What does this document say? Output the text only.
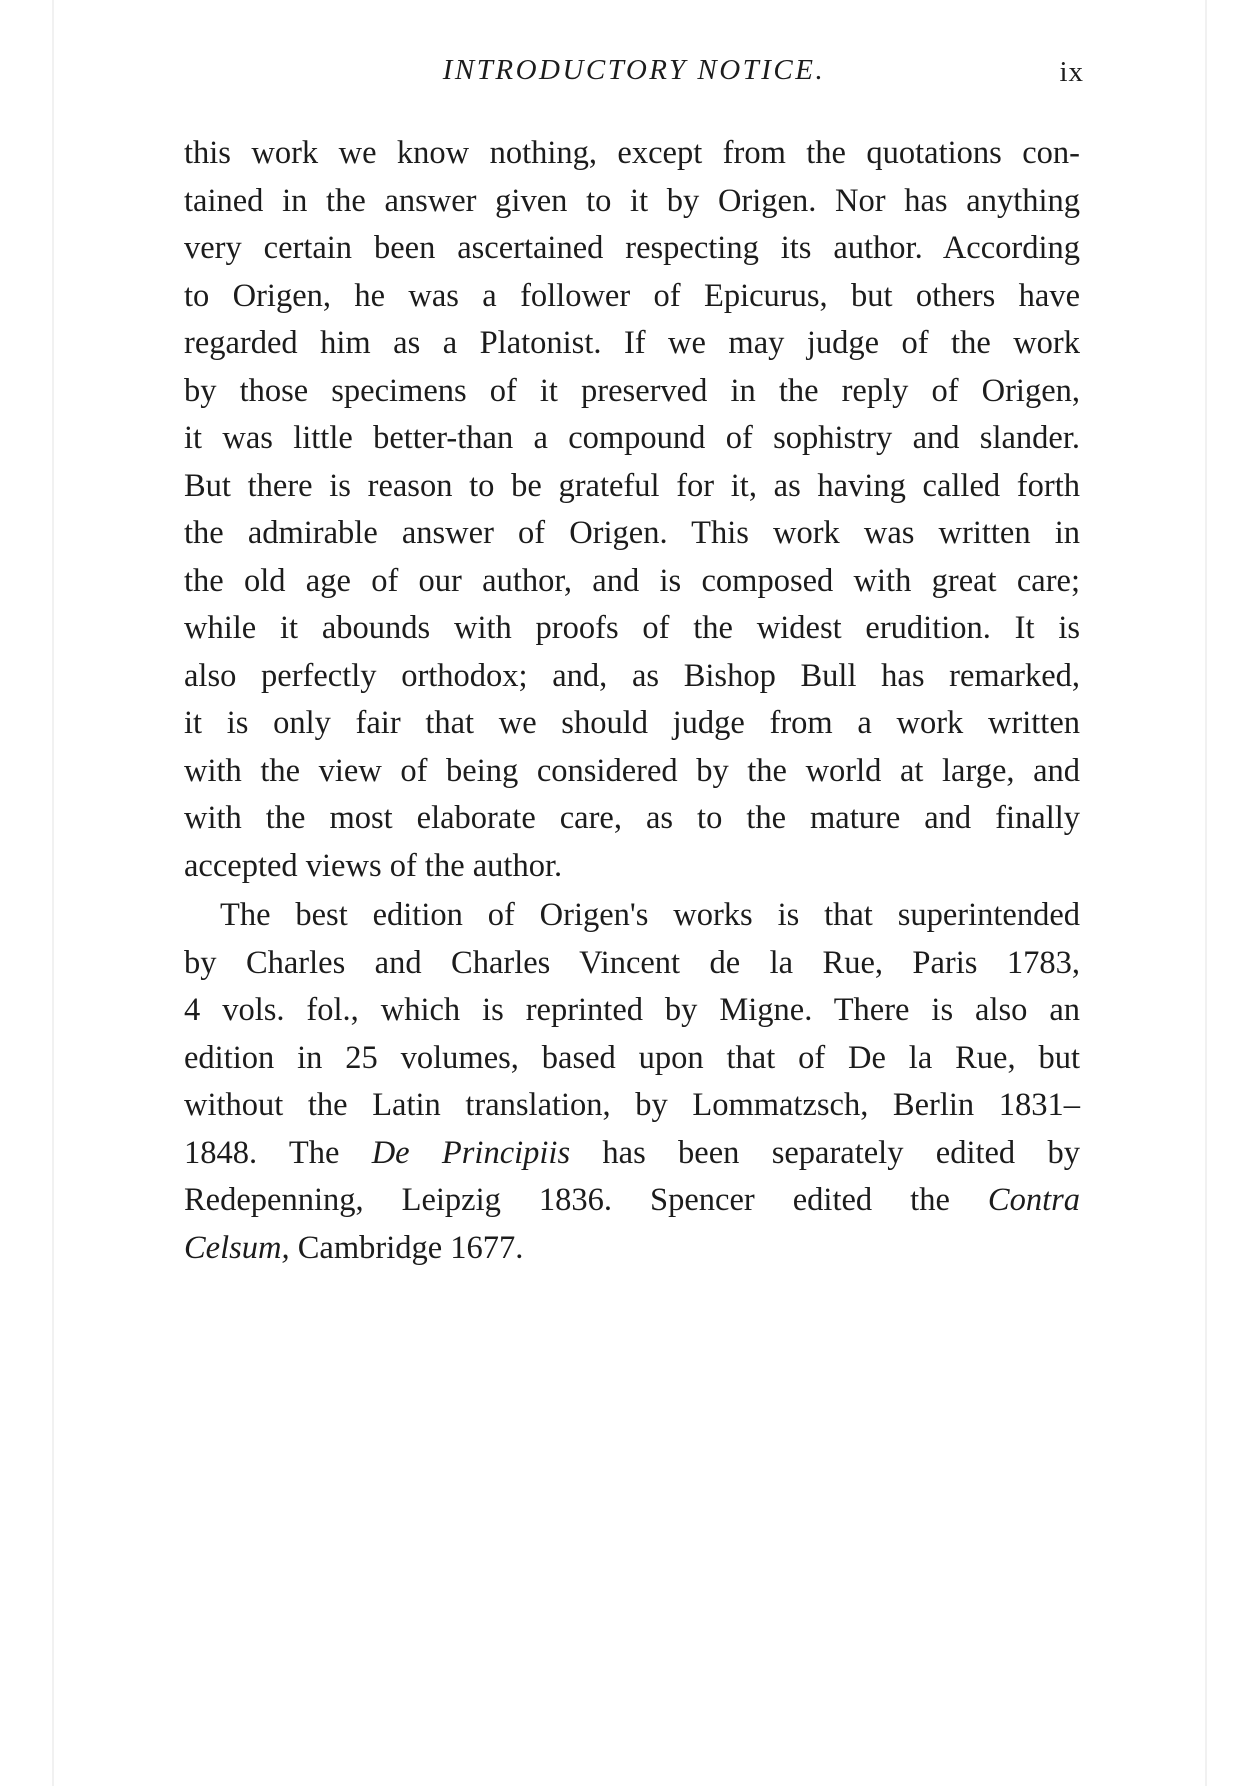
INTRODUCTORY NOTICE.	ix
this work we know nothing, except from the quotations con-
tained in the answer given to it by Origen. Nor has anything
very certain been ascertained respecting its author. According
to Origen, he was a follower of Epicurus, but others have
regarded him as a Platonist. If we may judge of the work
by those specimens of it preserved in the reply of Origen,
it was little better-than a compound of sophistry and slander.
But there is reason to be grateful for it, as having called forth
the admirable answer of Origen. This work was written in
the old age of our author, and is composed with great care;
while it abounds with proofs of the widest erudition. It is
also perfectly orthodox; and, as Bishop Bull has remarked,
it is only fair that we should judge from a work written
with the view of being considered by the world at large, and
with the most elaborate care, as to the mature and finally
accepted views of the author.
The best edition of Origen's works is that superintended
by Charles and Charles Vincent de la Rue, Paris 1783,
4 vols. fol., which is reprinted by Migne. There is also an
edition in 25 volumes, based upon that of De la Rue, but
without the Latin translation, by Lommatzsch, Berlin 1831–
1848. The De Principiis has been separately edited by
Redepenning, Leipzig 1836. Spencer edited the Contra
Celsum, Cambridge 1677.
